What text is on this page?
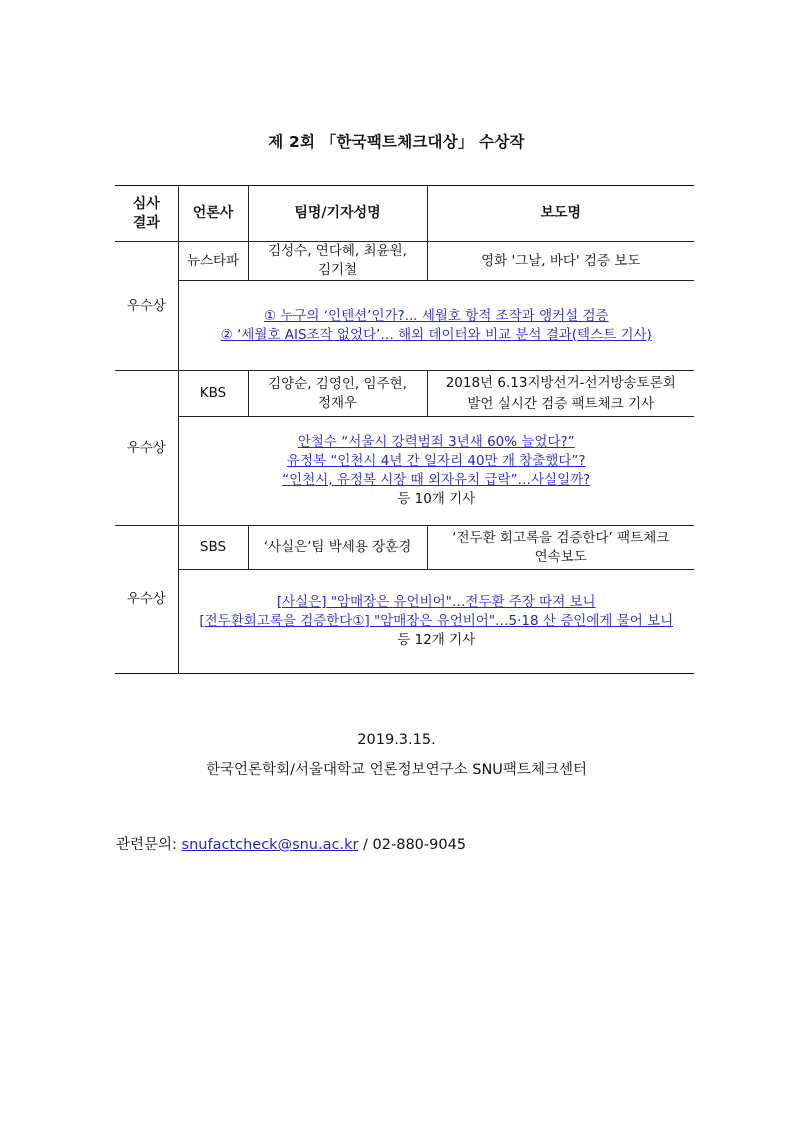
제 2회 「한국팩트체크대상」 수상작
심사
결과	언론사	팀명/기자성명	보도명
우수상	뉴스타파	김성수, 연다혜, 최윤원,
김기철	영화 '그날, 바다' 검증 보도

	① 누구의 ‘인텐션’인가?... 세월호 항적 조작과 앵커설 검증
② ‘세월호 AIS조작 없었다’… 해외 데이터와 비교 분석 결과(텍스트 기사)		

우수상	KBS	김양순, 김영인, 임주현,
정재우	2018년 6.13지방선거-선거방송토론회
발언 실시간 검증 팩트체크 기사

	안철수 “서울시 강력범죄 3년새 60% 늘었다?”
유정복 “인천시 4년 간 일자리 40만 개 창출했다”?
“인천시, 유정복 시장 때 외자유치 급락”…사실일까?
등 10개 기사		

우수상	SBS	‘사실은’팀 박세용 장훈경	‘전두환 회고록을 검증한다’ 팩트체크
연속보도

	[사실은] "암매장은 유언비어"…전두환 주장 따져 보니
[전두환회고록을 검증한다①] "암매장은 유언비어"…5·18 산 증인에게 물어 보니
등 12개 기사		
2019.3.15.
한국언론학회/서울대학교 언론정보연구소 SNU팩트체크센터
관련문의: snufactcheck@snu.ac.kr / 02-880-9045
